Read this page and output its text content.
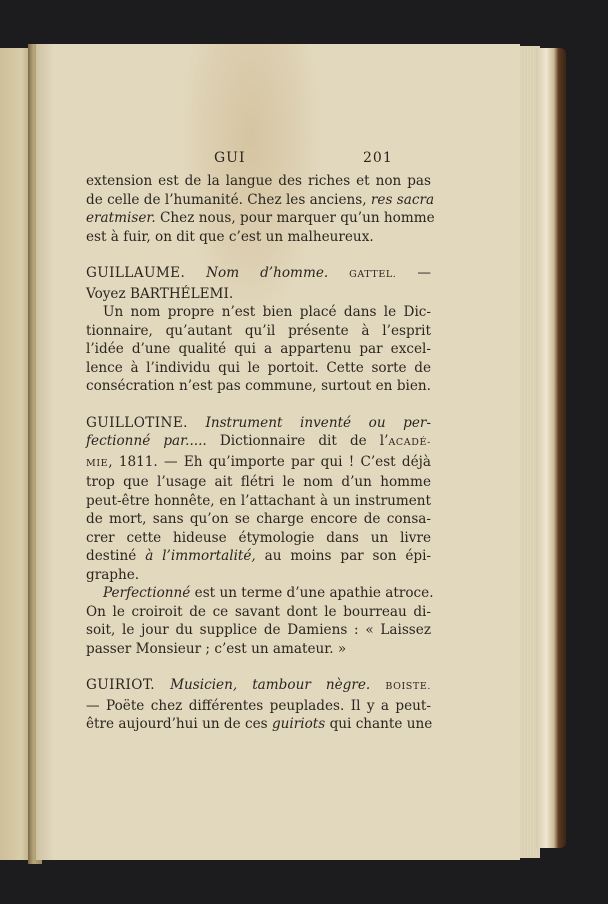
GUI	201
extension est de la langue des riches et non pas
de celle de l’humanité. Chez les anciens, res sacra
eratmiser. Chez nous, pour marquer qu’un homme
est à fuir, on dit que c’est un malheureux.
GUILLAUME. Nom d’homme. GATTEL. —
Voyez BARTHÉLEMI.
Un nom propre n’est bien placé dans le Dic-
tionnaire, qu’autant qu’il présente à l’esprit
l’idée d’une qualité qui a appartenu par excel-
lence à l’individu qui le portoit. Cette sorte de
consécration n’est pas commune, surtout en bien.
GUILLOTINE. Instrument inventé ou per-
fectionné par..... Dictionnaire dit de l’ACADÉ-
MIE, 1811. — Eh qu’importe par qui ! C’est déjà
trop que l’usage ait flétri le nom d’un homme
peut-être honnête, en l’attachant à un instrument
de mort, sans qu’on se charge encore de consa-
crer cette hideuse étymologie dans un livre
destiné à l’immortalité, au moins par son épi-
graphe.
Perfectionné est un terme d’une apathie atroce.
On le croiroit de ce savant dont le bourreau di-
soit, le jour du supplice de Damiens : « Laissez
passer Monsieur ; c’est un amateur. »
GUIRIOT. Musicien, tambour nègre. BOISTE.
— Poëte chez différentes peuplades. Il y a peut-
être aujourd’hui un de ces guiriots qui chante une
